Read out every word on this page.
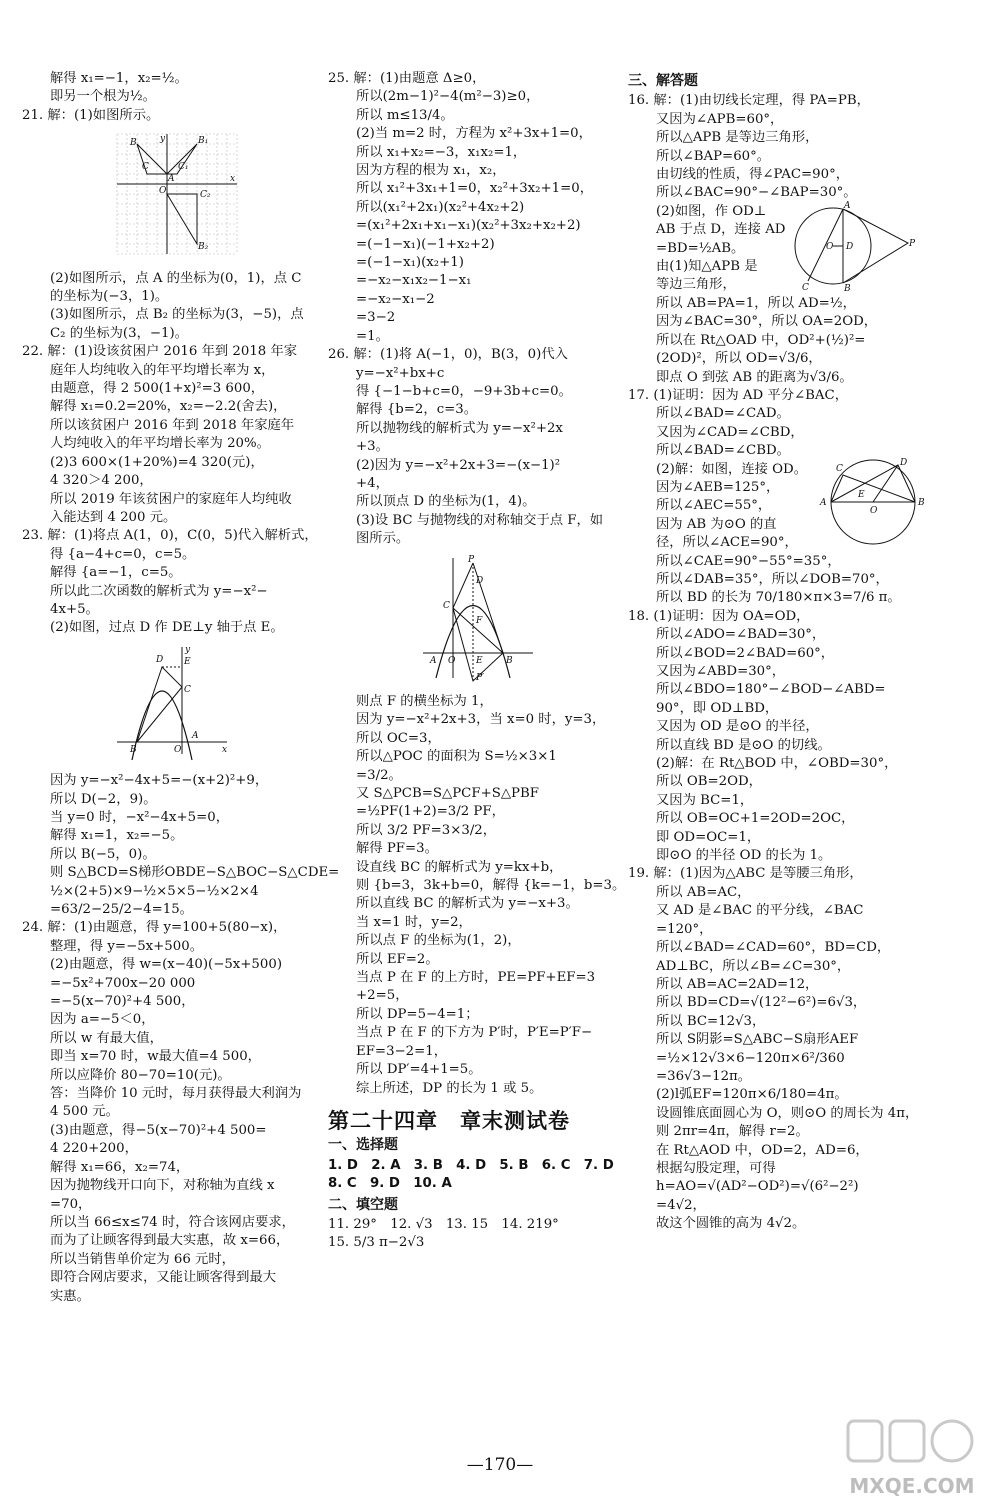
解得 x₁=−1，x₂=½。
即另一个根为½。
21. 解：(1)如图所示。
A
B
C
B₁
C₁
B₂
C₂
x
y
O
(2)如图所示，点 A 的坐标为(0，1)，点 C
的坐标为(−3，1)。
(3)如图所示，点 B₂ 的坐标为(3，−5)，点
C₂ 的坐标为(3，−1)。
22. 解：(1)设该贫困户 2016 年到 2018 年家
庭年人均纯收入的年平均增长率为 x，
由题意，得 2 500(1+x)²=3 600，
解得 x₁=0.2=20%，x₂=−2.2(舍去)，
所以该贫困户 2016 年到 2018 年家庭年
人均纯收入的年平均增长率为 20%。
(2)3 600×(1+20%)=4 320(元)，
4 320＞4 200，
所以 2019 年该贫困户的家庭年人均纯收
入能达到 4 200 元。
23. 解：(1)将点 A(1，0)，C(0，5)代入解析式，
得 {a−4+c=0，c=5。
解得 {a=−1，c=5。
所以此二次函数的解析式为 y=−x²−
4x+5。
(2)如图，过点 D 作 DE⊥y 轴于点 E。
D E
C
B	O
A
x
y
因为 y=−x²−4x+5=−(x+2)²+9，
所以 D(−2，9)。
当 y=0 时，−x²−4x+5=0，
解得 x₁=1，x₂=−5。
所以 B(−5，0)。
则 S△BCD=S梯形OBDE−S△BOC−S△CDE=
½×(2+5)×9−½×5×5−½×2×4
=63/2−25/2−4=15。
24. 解：(1)由题意，得 y=100+5(80−x)，
整理，得 y=−5x+500。
(2)由题意，得 w=(x−40)(−5x+500)
=−5x²+700x−20 000
=−5(x−70)²+4 500，
因为 a=−5＜0，
所以 w 有最大值，
即当 x=70 时，w最大值=4 500，
所以应降价 80−70=10(元)。
答：当降价 10 元时，每月获得最大利润为
4 500 元。
(3)由题意，得−5(x−70)²+4 500=
4 220+200，
解得 x₁=66，x₂=74，
因为抛物线开口向下，对称轴为直线 x
=70，
所以当 66≤x≤74 时，符合该网店要求，
而为了让顾客得到最大实惠，故 x=66，
所以当销售单价定为 66 元时，
即符合网店要求，又能让顾客得到最大
实惠。
25. 解：(1)由题意 Δ≥0，
所以(2m−1)²−4(m²−3)≥0，
所以 m≤13/4。
(2)当 m=2 时，方程为 x²+3x+1=0，
所以 x₁+x₂=−3，x₁x₂=1，
因为方程的根为 x₁，x₂，
所以 x₁²+3x₁+1=0，x₂²+3x₂+1=0，
所以(x₁²+2x₁)(x₂²+4x₂+2)
=(x₁²+2x₁+x₁−x₁)(x₂²+3x₂+x₂+2)
=(−1−x₁)(−1+x₂+2)
=(−1−x₁)(x₂+1)
=−x₂−x₁x₂−1−x₁
=−x₂−x₁−2
=3−2
=1。
26. 解：(1)将 A(−1，0)，B(3，0)代入
y=−x²+bx+c
得 {−1−b+c=0，−9+3b+c=0。
解得 {b=2，c=3。
所以抛物线的解析式为 y=−x²+2x
+3。
(2)因为 y=−x²+2x+3=−(x−1)²
+4，
所以顶点 D 的坐标为(1，4)。
(3)设 BC 与抛物线的对称轴交于点 F，如
图所示。
P
D
C
F
B
A	E
O
P′
则点 F 的横坐标为 1，
因为 y=−x²+2x+3，当 x=0 时，y=3，
所以 OC=3，
所以△POC 的面积为 S=½×3×1
=3/2。
又 S△PCB=S△PCF+S△PBF
=½PF(1+2)=3/2 PF，
所以 3/2 PF=3×3/2，
解得 PF=3。
设直线 BC 的解析式为 y=kx+b，
则 {b=3，3k+b=0，解得 {k=−1，b=3。
所以直线 BC 的解析式为 y=−x+3。
当 x=1 时，y=2，
所以点 F 的坐标为(1，2)，
所以 EF=2。
当点 P 在 F 的上方时，PE=PF+EF=3
+2=5，
所以 DP=5−4=1；
当点 P 在 F 的下方为 P′时，P′E=P′F−
EF=3−2=1，
所以 DP′=4+1=5。
综上所述，DP 的长为 1 或 5。
第二十四章　章末测试卷
一、选择题
1. D　2. A　3. B　4. D　5. B　6. C　7. D
8. C　9. D　10. A
二、填空题
11. 29°　12. √3　13. 15　14. 219°
15. 5/3 π−2√3
三、解答题
16. 解：(1)由切线长定理，得 PA=PB，
又因为∠APB=60°，
所以△APB 是等边三角形，
所以∠BAP=60°。
由切线的性质，得∠PAC=90°，
所以∠BAC=90°−∠BAP=30°。
A
B
C
O D	P
(2)如图，作 OD⊥
AB 于点 D，连接 AD
=BD=½AB。
由(1)知△APB 是
等边三角形，
所以 AB=PA=1，所以 AD=½，
因为∠BAC=30°，所以 OA=2OD，
所以在 Rt△OAD 中，OD²+(½)²=
(2OD)²，所以 OD=√3/6，
即点 O 到弦 AB 的距离为√3/6。
17. (1)证明：因为 AD 平分∠BAC，
所以∠BAD=∠CAD。
又因为∠CAD=∠CBD，
所以∠BAD=∠CBD。
A	B
C
D
E
O
(2)解：如图，连接 OD。
因为∠AEB=125°，
所以∠AEC=55°，
因为 AB 为⊙O 的直
径，所以∠ACE=90°，
所以∠CAE=90°−55°=35°，
所以∠DAB=35°，所以∠DOB=70°，
所以 BD 的长为 70/180×π×3=7/6 π。
18. (1)证明：因为 OA=OD，
所以∠ADO=∠BAD=30°，
所以∠BOD=2∠BAD=60°，
又因为∠ABD=30°，
所以∠BDO=180°−∠BOD−∠ABD=
90°，即 OD⊥BD，
又因为 OD 是⊙O 的半径，
所以直线 BD 是⊙O 的切线。
(2)解：在 Rt△BOD 中，∠OBD=30°，
所以 OB=2OD，
又因为 BC=1，
所以 OB=OC+1=2OD=2OC，
即 OD=OC=1，
即⊙O 的半径 OD 的长为 1。
19. 解：(1)因为△ABC 是等腰三角形，
所以 AB=AC，
又 AD 是∠BAC 的平分线，∠BAC
=120°，
所以∠BAD=∠CAD=60°，BD=CD，
AD⊥BC，所以∠B=∠C=30°，
所以 AB=AC=2AD=12，
所以 BD=CD=√(12²−6²)=6√3，
所以 BC=12√3，
所以 S阴影=S△ABC−S扇形AEF
=½×12√3×6−120π×6²/360
=36√3−12π。
(2)l弧EF=120π×6/180=4π。
设圆锥底面圆心为 O，则⊙O 的周长为 4π，
则 2πr=4π，解得 r=2。
在 Rt△AOD 中，OD=2，AD=6，
根据勾股定理，可得
h=AO=√(AD²−OD²)=√(6²−2²)
=4√2，
故这个圆锥的高为 4√2。
—170—
MXQE.COM
